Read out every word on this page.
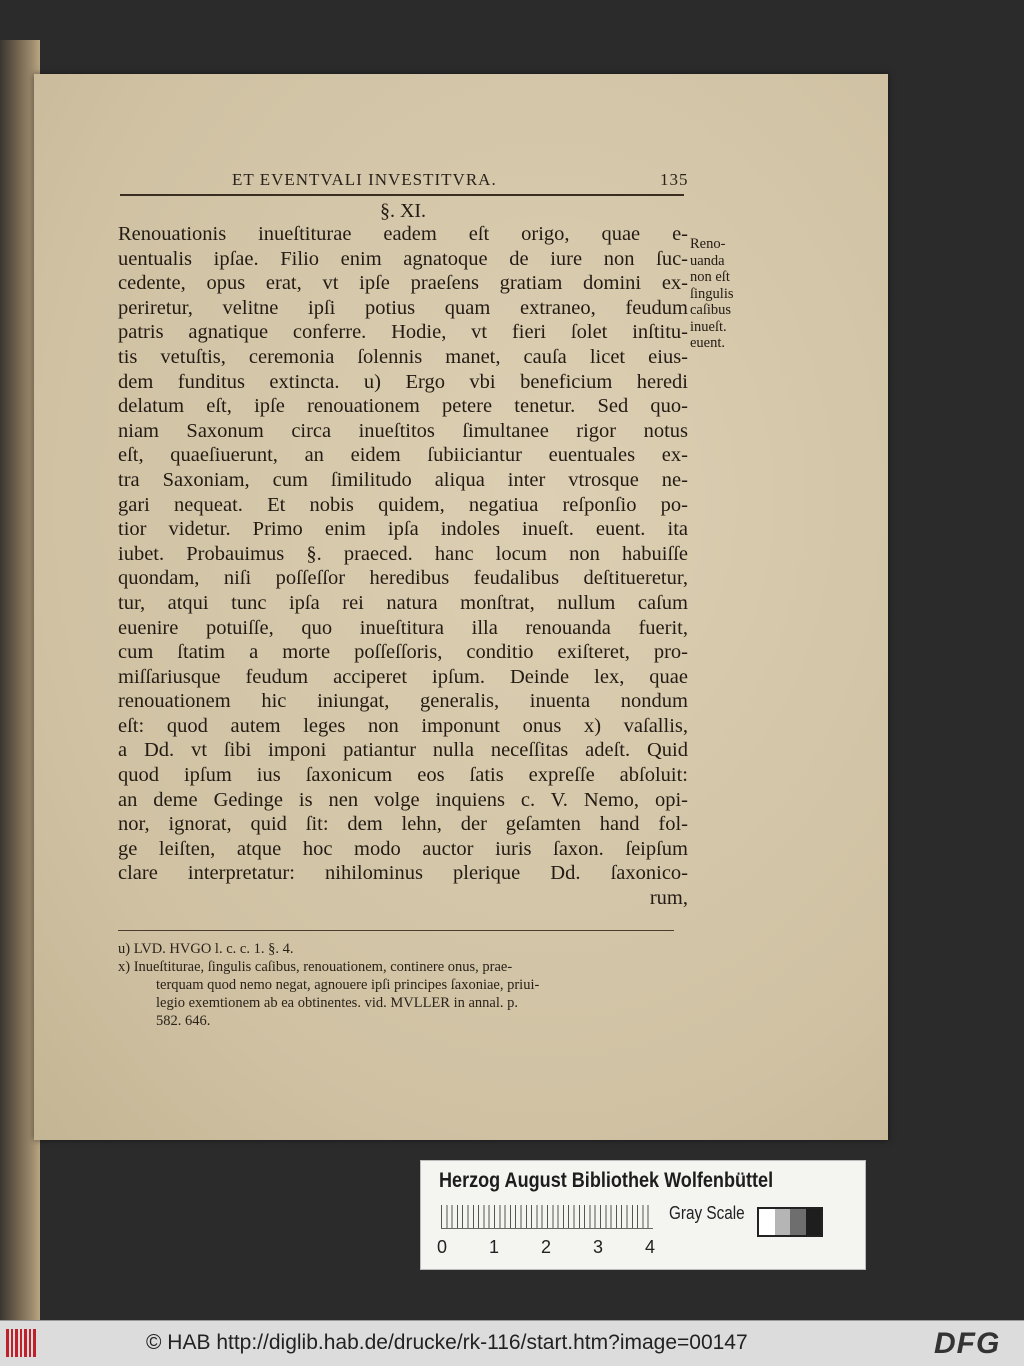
ET EVENTVALI INVESTITVRA.	135
§. XI.
Renouationis inueſtiturae eadem eſt origo, quae e-
uentualis ipſae. Filio enim agnatoque de iure non ſuc-
cedente, opus erat, vt ipſe praeſens gratiam domini ex-
periretur, velitne ipſi potius quam extraneo, feudum
patris agnatique conferre. Hodie, vt fieri ſolet inſtitu-
tis vetuſtis, ceremonia ſolennis manet, cauſa licet eius-
dem funditus extincta. u) Ergo vbi beneficium heredi
delatum eſt, ipſe renouationem petere tenetur. Sed quo-
niam Saxonum circa inueſtitos ſimultanee rigor notus
eſt, quaeſiuerunt, an eidem ſubiiciantur euentuales ex-
tra Saxoniam, cum ſimilitudo aliqua inter vtrosque ne-
gari nequeat. Et nobis quidem, negatiua reſponſio po-
tior videtur. Primo enim ipſa indoles inueſt. euent. ita
iubet. Probauimus §. praeced. hanc locum non habuiſſe
quondam, niſi poſſeſſor heredibus feudalibus deſtitueretur,
tur, atqui tunc ipſa rei natura monſtrat, nullum caſum
euenire potuiſſe, quo inueſtitura illa renouanda fuerit,
cum ſtatim a morte poſſeſſoris, conditio exiſteret, pro-
miſſariusque feudum acciperet ipſum. Deinde lex, quae
renouationem hic iniungat, generalis, inuenta nondum
eſt: quod autem leges non imponunt onus x) vaſallis,
a Dd. vt ſibi imponi patiantur nulla neceſſitas adeſt. Quid
quod ipſum ius ſaxonicum eos ſatis expreſſe abſoluit:
an deme Gedinge is nen volge inquiens c. V. Nemo, opi-
nor, ignorat, quid ſit: dem lehn, der geſamten hand fol-
ge leiſten, atque hoc modo auctor iuris ſaxon. ſeipſum
clare interpretatur: nihilominus plerique Dd. ſaxonico-
rum,
Reno-
uanda
non eſt
ſingulis
caſibus
inueſt.
euent.
u) LVD. HVGO l. c. c. 1. §. 4.
x) Inueſtiturae, ſingulis caſibus, renouationem, continere onus, prae-
terquam quod nemo negat, agnouere ipſi principes ſaxoniae, priui-
legio exemtionem ab ea obtinentes. vid. MVLLER in annal. p.
582. 646.
Herzog August Bibliothek Wolfenbüttel
0 1 2 3 4
Gray Scale
© HAB http://diglib.hab.de/drucke/rk-116/start.htm?image=00147	DFG
